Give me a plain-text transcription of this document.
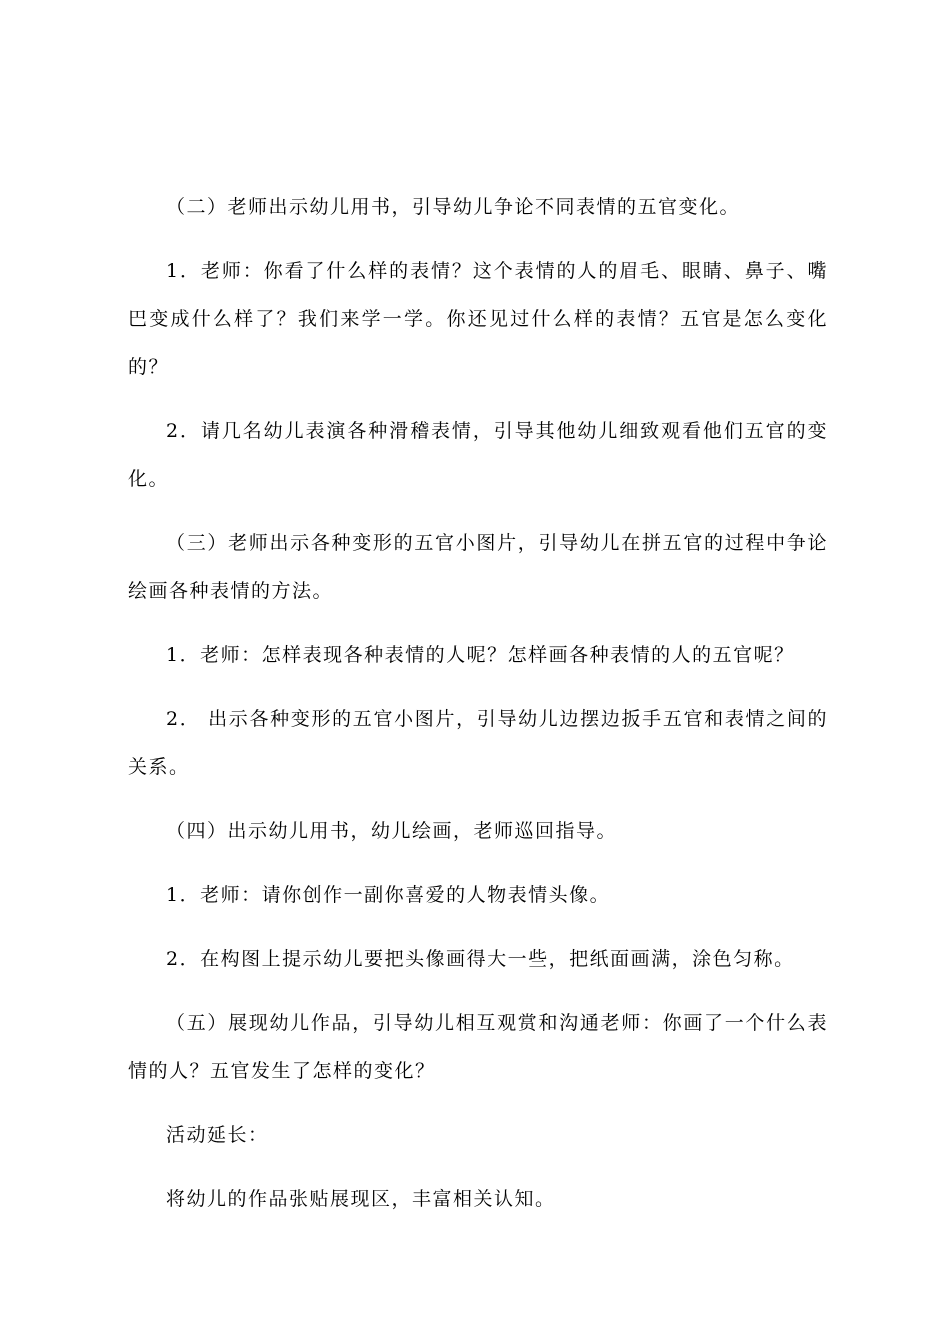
（二）老师出示幼儿用书，引导幼儿争论不同表情的五官变化。

1．老师：你看了什么样的表情？这个表情的人的眉毛、眼睛、鼻子、嘴巴变成什么样了？我们来学一学。你还见过什么样的表情？五官是怎么变化的？

2．请几名幼儿表演各种滑稽表情，引导其他幼儿细致观看他们五官的变化。

（三）老师出示各种变形的五官小图片，引导幼儿在拼五官的过程中争论绘画各种表情的方法。

1．老师：怎样表现各种表情的人呢？怎样画各种表情的人的五官呢？

2． 出示各种变形的五官小图片，引导幼儿边摆边扳手五官和表情之间的关系。

（四）出示幼儿用书，幼儿绘画，老师巡回指导。

1．老师：请你创作一副你喜爱的人物表情头像。

2．在构图上提示幼儿要把头像画得大一些，把纸面画满，涂色匀称。

（五）展现幼儿作品，引导幼儿相互观赏和沟通老师：你画了一个什么表情的人？五官发生了怎样的变化？

活动延长：

将幼儿的作品张贴展现区，丰富相关认知。
